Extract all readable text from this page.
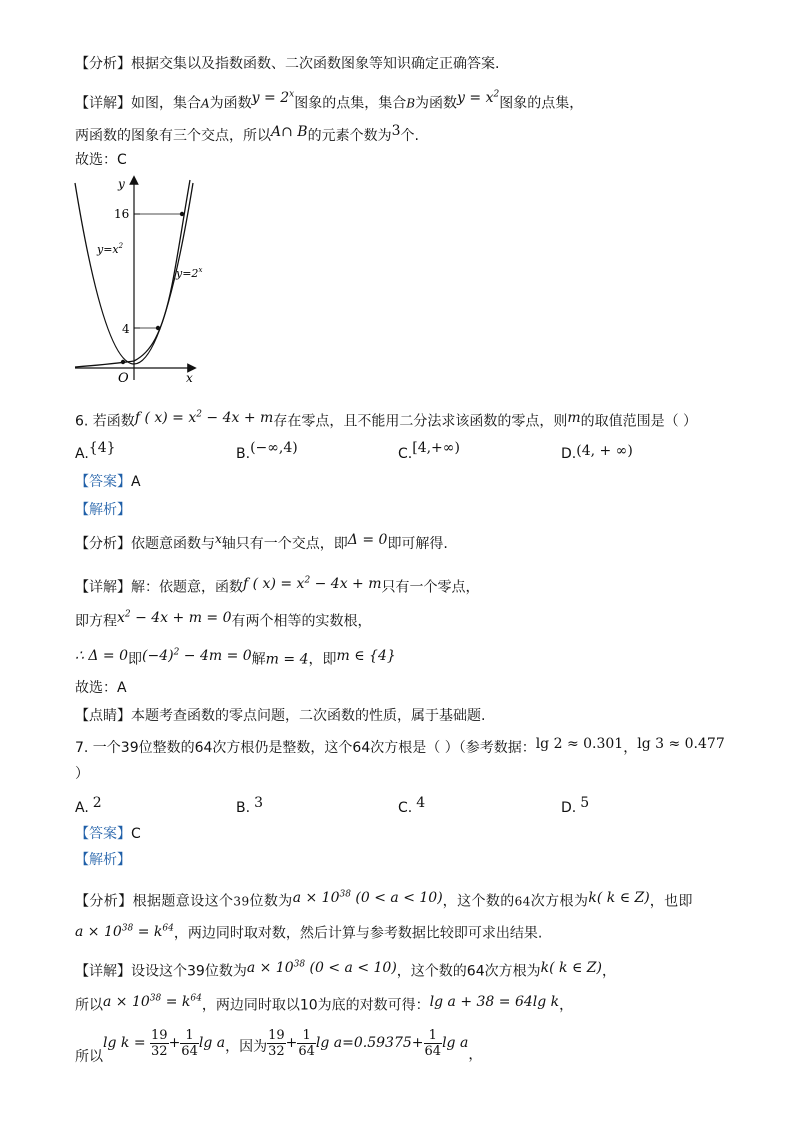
【分析】根据交集以及指数函数、二次函数图象等知识确定正确答案.
【详解】如图，集合A为函数$y = 2^x$图象的点集，集合B为函数$y = x^2$图象的点集，
两函数的图象有三个交点，所以A∩ B的元素个数为3个.
故选：C
y
x
O
16
4
$y=x^2$
$y=2^x$
6. 若函数f ( $x) = x^2 - 4x + m$存在零点，且不能用二分法求该函数的零点，则m的取值范围是（ ）
A.{4}	B.(−∞,4)	C.[4,+∞)	D.(4, + ∞)
【答案】A
【解析】
【分析】依题意函数与x轴只有一个交点，即Δ = 0即可解得.
【详解】解：依题意，函数f ( $x) = x^2 - 4x + m$只有一个零点，
即方程$x^2 - 4x + m = 0$有两个相等的实数根，
∴ Δ = 0即$(-4)^2 - 4m = 0$解m = 4，即m ∈ {4}
故选：A
【点睛】本题考查函数的零点问题，二次函数的性质，属于基础题.
7. 一个39位整数的64次方根仍是整数，这个64次方根是（ ）（参考数据：lg 2 ≈ 0.301，lg 3 ≈ 0.477
）
A. 2	B. 3	C. 4	D. 5
【答案】C
【解析】
【分析】根据题意设这个39位数为$a \times 10^{38}$ (0 < a < 10)，这个数的64次方根为k( k ∈ Z)，也即
$a \times 10^{38} = k^{64}$，两边同时取对数，然后计算与参考数据比较即可求出结果.
【详解】设设这个39位数为$a \times 10^{38}$ (0 < a < 10)，这个数的64次方根为k( k ∈ Z)，
所以$a \times 10^{38} = k^{64}$，两边同时取以10为底的对数可得：lg a + 38 = 64lg k，
所以$\lg k = \frac{19}{32} + \frac{1}{64}$ lg a，因为 $\frac{19}{32} + \frac{1}{64}$ $\lg a=0.59375+ \frac{1}{64}$ lg a，
